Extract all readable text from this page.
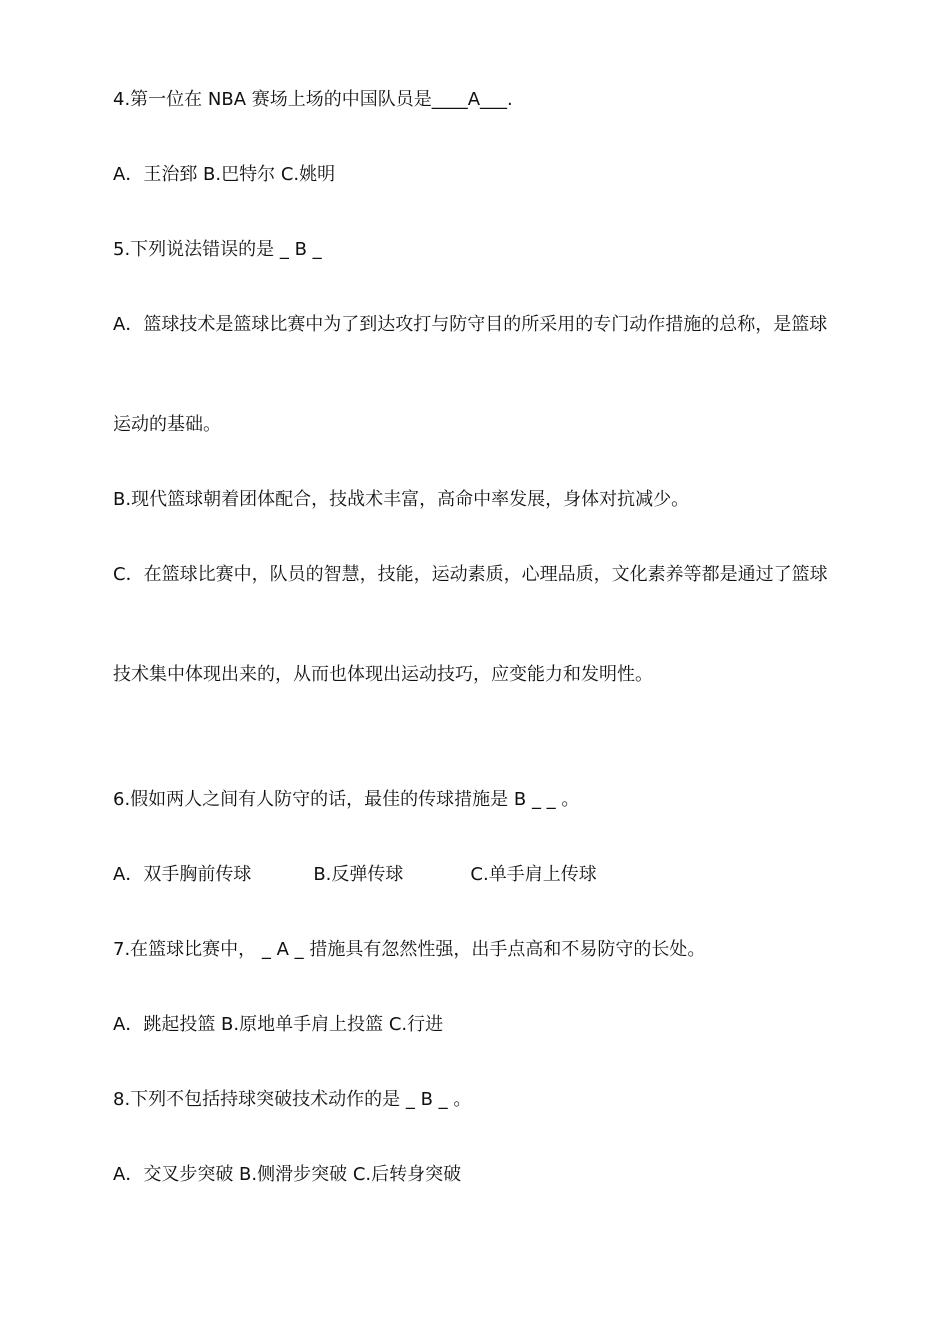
4.第一位在 NBA 赛场上场的中国队员是____A___.
A．王治郅 B.巴特尔 C.姚明
5.下列说法错误的是 _ B _
A．篮球技术是篮球比赛中为了到达攻打与防守目的所采用的专门动作措施的总称，是篮球
运动的基础。
B.现代篮球朝着团体配合，技战术丰富，高命中率发展，身体对抗减少。
C．在篮球比赛中，队员的智慧，技能，运动素质，心理品质，文化素养等都是通过了篮球
技术集中体现出来的，从而也体现出运动技巧，应变能力和发明性。
6.假如两人之间有人防守的话，最佳的传球措施是 B _ _ 。
A．双手胸前传球	B.反弹传球	C.单手肩上传球
7.在篮球比赛中， _ A _ 措施具有忽然性强，出手点高和不易防守的长处。
A．跳起投篮 B.原地单手肩上投篮 C.行进
8.下列不包括持球突破技术动作的是 _ B _ 。
A．交叉步突破 B.侧滑步突破 C.后转身突破
